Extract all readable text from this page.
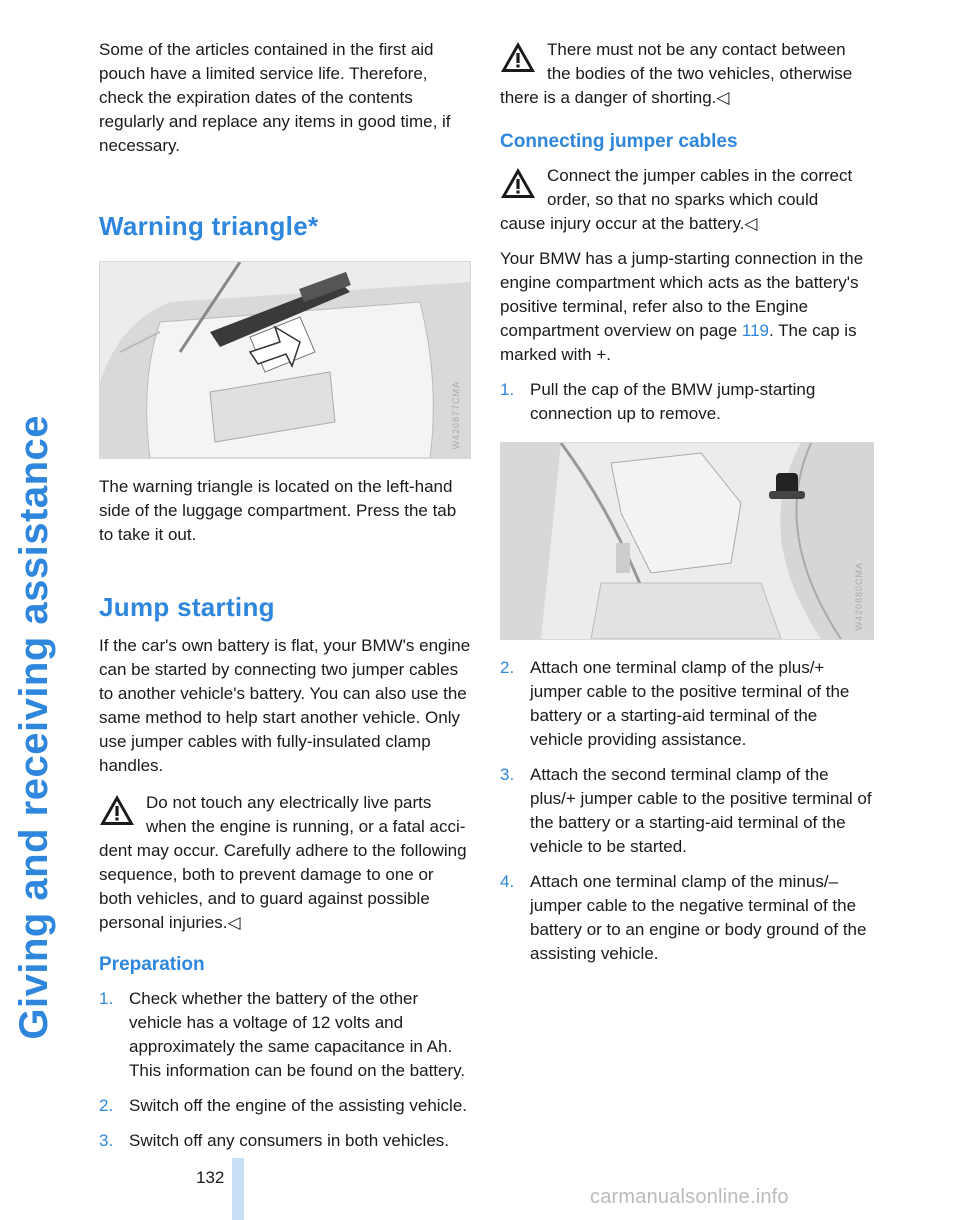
Giving and receiving assistance

Some of the articles contained in the first aid pouch have a limited service life. Therefore, check the expiration dates of the contents regularly and replace any items in good time, if necessary.

Warning triangle*
W420877CMA

The warning triangle is located on the left-hand side of the luggage compartment. Press the tab to take it out.

Jump starting

If the car's own battery is flat, your BMW's engine can be started by connecting two jumper cables to another vehicle's battery. You can also use the same method to help start another vehicle. Only use jumper cables with fully-insulated clamp handles.

Do not touch any electrically live parts when the engine is running, or a fatal acci-
dent may occur. Carefully adhere to the following sequence, both to prevent damage to one or both vehicles, and to guard against possible personal injuries.◁

Preparation
1. Check whether the battery of the other vehicle has a voltage of 12 volts and approximately the same capacitance in Ah. This information can be found on the battery.
2. Switch off the engine of the assisting vehicle.
3. Switch off any consumers in both vehicles.

There must not be any contact between the bodies of the two vehicles, otherwise
there is a danger of shorting.◁

Connecting jumper cables

Connect the jumper cables in the correct order, so that no sparks which could
cause injury occur at the battery.◁

Your BMW has a jump-starting connection in the engine compartment which acts as the battery's positive terminal, refer also to the Engine compartment overview on page 119. The cap is marked with +.

1. Pull the cap of the BMW jump-starting connection up to remove.
W420880CMA
2. Attach one terminal clamp of the plus/+ jumper cable to the positive terminal of the battery or a starting-aid terminal of the vehicle providing assistance.
3. Attach the second terminal clamp of the plus/+ jumper cable to the positive terminal of the battery or a starting-aid terminal of the vehicle to be started.
4. Attach one terminal clamp of the minus/– jumper cable to the negative terminal of the battery or to an engine or body ground of the assisting vehicle.
132
carmanualsonline.info
